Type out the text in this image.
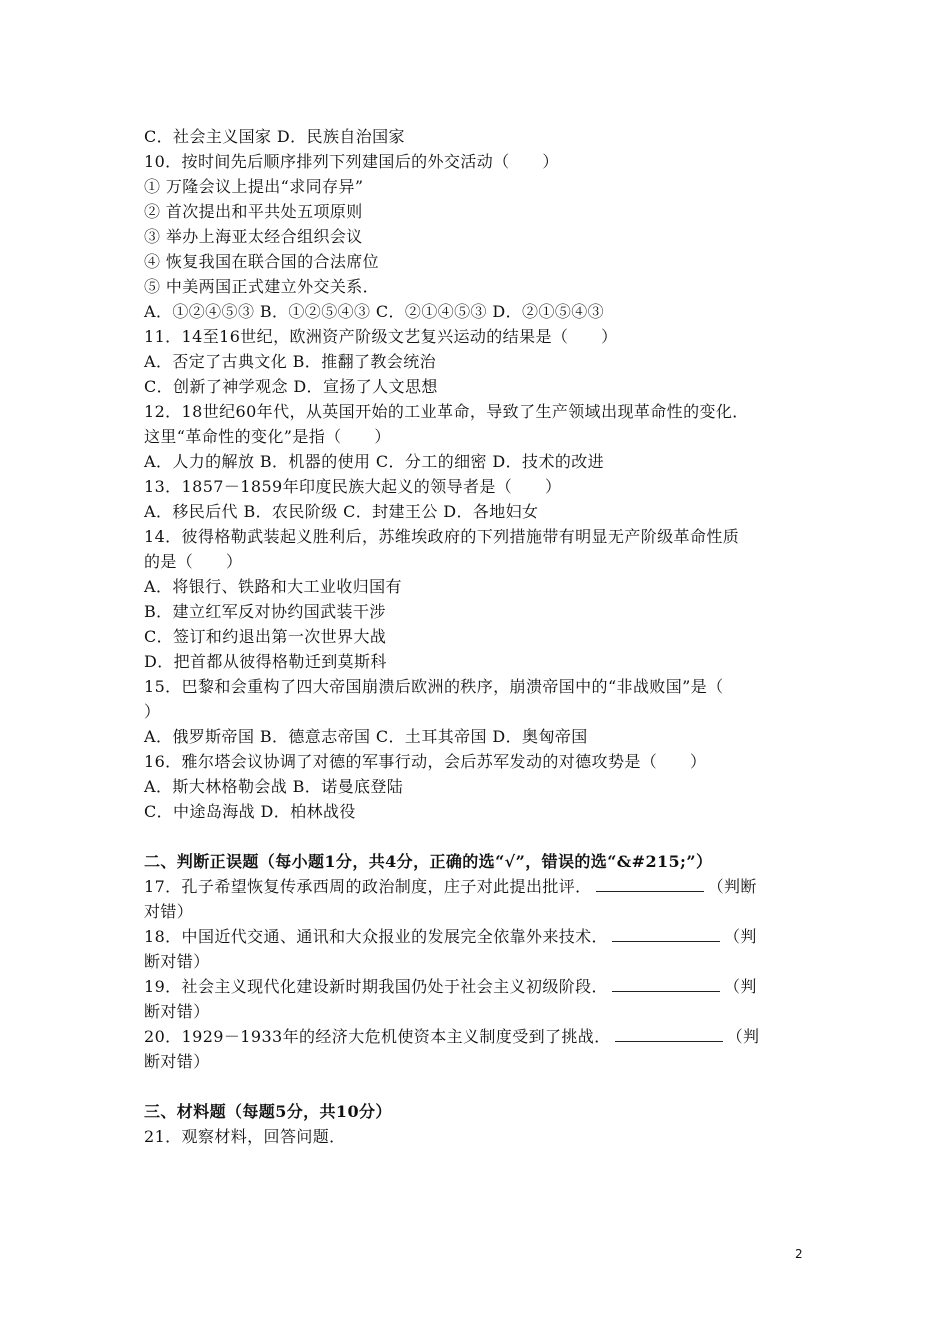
C．社会主义国家 D．民族自治国家
10．按时间先后顺序排列下列建国后的外交活动（　　）
① 万隆会议上提出“求同存异”
② 首次提出和平共处五项原则
③ 举办上海亚太经合组织会议
④ 恢复我国在联合国的合法席位
⑤ 中美两国正式建立外交关系．
A．①②④⑤③ B．①②⑤④③ C．②①④⑤③ D．②①⑤④③
11．14至16世纪，欧洲资产阶级文艺复兴运动的结果是（　　）
A．否定了古典文化 B．推翻了教会统治
C．创新了神学观念 D．宣扬了人文思想
12．18世纪60年代，从英国开始的工业革命，导致了生产领域出现革命性的变化．
这里“革命性的变化”是指（　　）
A．人力的解放 B．机器的使用 C．分工的细密 D．技术的改进
13．1857－1859年印度民族大起义的领导者是（　　）
A．移民后代 B．农民阶级 C．封建王公 D．各地妇女
14．彼得格勒武装起义胜利后，苏维埃政府的下列措施带有明显无产阶级革命性质
的是（　　）
A．将银行、铁路和大工业收归国有
B．建立红军反对协约国武装干涉
C．签订和约退出第一次世界大战
D．把首都从彼得格勒迁到莫斯科
15．巴黎和会重构了四大帝国崩溃后欧洲的秩序，崩溃帝国中的“非战败国”是（
）
A．俄罗斯帝国 B．德意志帝国 C．土耳其帝国 D．奥匈帝国
16．雅尔塔会议协调了对德的军事行动，会后苏军发动的对德攻势是（　　）
A．斯大林格勒会战 B．诺曼底登陆
C．中途岛海战 D．柏林战役
二、判断正误题（每小题1分，共4分，正确的选“√”，错误的选“&#215;”）
17．孔子希望恢复传承西周的政治制度，庄子对此提出批评．	（判断
对错）
18．中国近代交通、通讯和大众报业的发展完全依靠外来技术．	（判
断对错）
19．社会主义现代化建设新时期我国仍处于社会主义初级阶段．	（判
断对错）
20．1929－1933年的经济大危机使资本主义制度受到了挑战．	（判
断对错）
三、材料题（每题5分，共10分）
21．观察材料，回答问题．
2
